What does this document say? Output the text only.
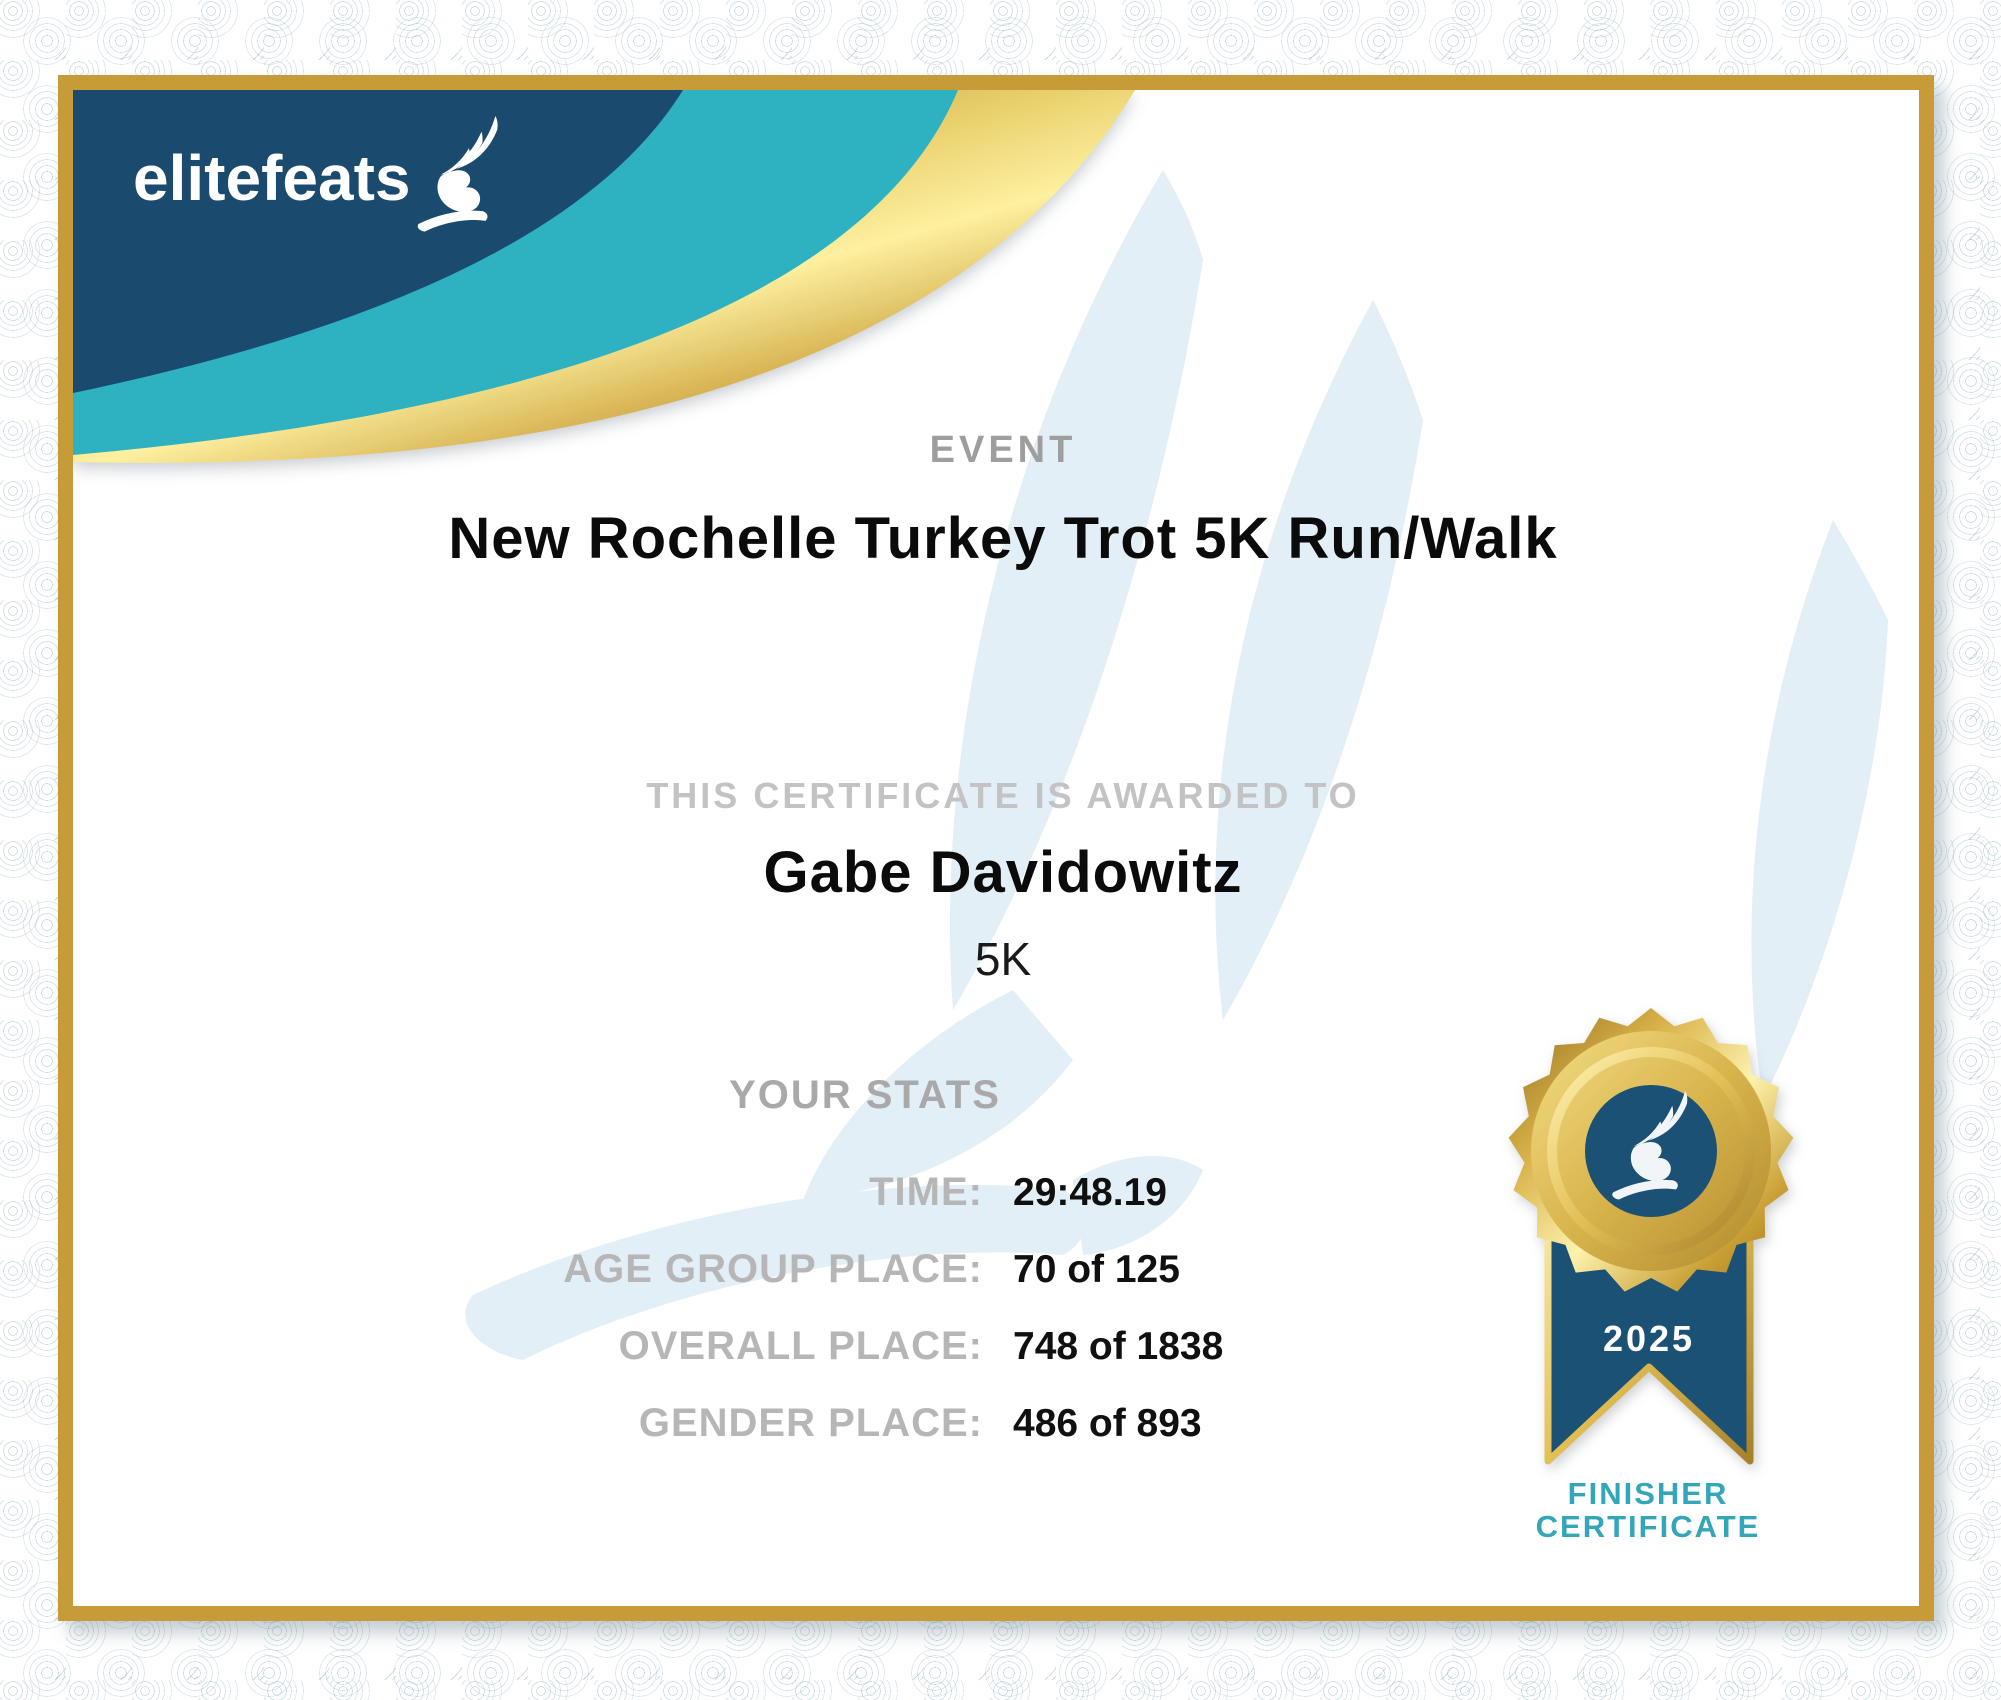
elitefeats
EVENT
New Rochelle Turkey Trot 5K Run/Walk
THIS CERTIFICATE IS AWARDED TO
Gabe Davidowitz
5K
YOUR STATS
TIME: 29:48.19
AGE GROUP PLACE: 70 of 125
OVERALL PLACE: 748 of 1838
GENDER PLACE: 486 of 893
2025
FINISHER
CERTIFICATE
